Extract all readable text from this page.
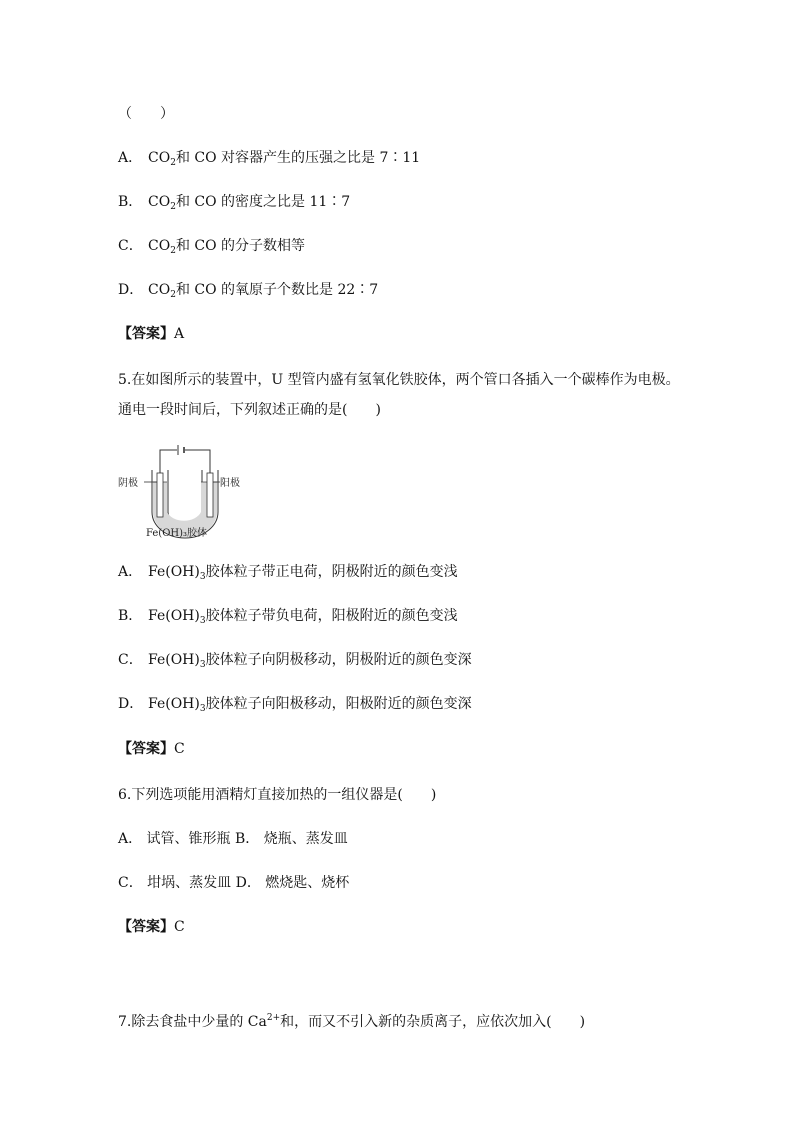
（　　）
A． $CO_2$和 CO 对容器产生的压强之比是 7∶11
B． $CO_2$和 CO 的密度之比是 11∶7
C． $CO_2$和 CO 的分子数相等
D． $CO_2$和 CO 的氧原子个数比是 22∶7
【答案】A
5.在如图所示的装置中，U 型管内盛有氢氧化铁胶体，两个管口各插入一个碳棒作为电极。
通电一段时间后，下列叙述正确的是(　　)
阴极	阳极
Fe(OH)₃胶体
A． $Fe(OH)_3$胶体粒子带正电荷，阴极附近的颜色变浅
B． $Fe(OH)_3$胶体粒子带负电荷，阳极附近的颜色变浅
C． $Fe(OH)_3$胶体粒子向阴极移动，阴极附近的颜色变深
D． $Fe(OH)_3$胶体粒子向阳极移动，阳极附近的颜色变深
【答案】C
6.下列选项能用酒精灯直接加热的一组仪器是(　　)
A． 试管、锥形瓶 B． 烧瓶、蒸发皿
C． 坩埚、蒸发皿 D． 燃烧匙、烧杯
【答案】C
7.除去食盐中少量的 $Ca^{2+}$和，而又不引入新的杂质离子，应依次加入(　　)
